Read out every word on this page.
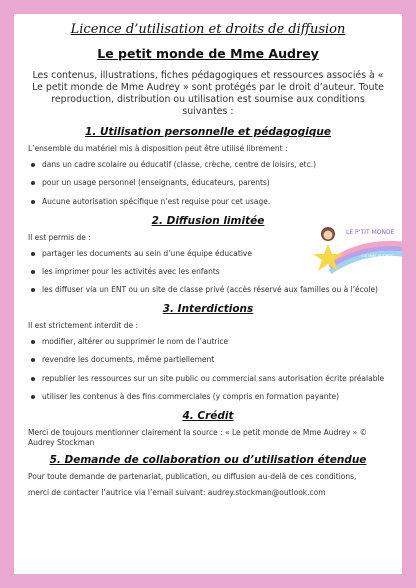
Licence d’utilisation et droits de diffusion
Le petit monde de Mme Audrey
Les contenus, illustrations, fiches pédagogiques et ressources associés à « Le petit monde de Mme Audrey » sont protégés par le droit d’auteur. Toute reproduction, distribution ou utilisation est soumise aux conditions suivantes :
1. Utilisation personnelle et pédagogique
L’ensemble du matériel mis à disposition peut être utilisé librement :
dans un cadre scolaire ou éducatif (classe, crèche, centre de loisirs, etc.)
pour un usage personnel (enseignants, éducateurs, parents)
Aucune autorisation spécifique n’est requise pour cet usage.
2. Diffusion limitée
Il est permis de :
partager les documents au sein d’une équipe éducative
les imprimer pour les activités avec les enfants
les diffuser via un ENT ou un site de classe privé (accès réservé aux familles ou à l’école)
3. Interdictions
Il est strictement interdit de :
modifier, altérer ou supprimer le nom de l’autrice
revendre les documents, même partiellement
republier les ressources sur un site public ou commercial sans autorisation écrite préalable
utiliser les contenus à des fins commerciales (y compris en formation payante)
4. Crédit
Merci de toujours mentionner clairement la source : « Le petit monde de Mme Audrey » © Audrey Stockman
5. Demande de collaboration ou d’utilisation étendue
Pour toute demande de partenariat, publication, ou diffusion au-delà de ces conditions,
merci de contacter l’autrice via l’email suivant: audrey.stockman@outlook.com
LE P’TIT MONDE
DE MME AUDREY
